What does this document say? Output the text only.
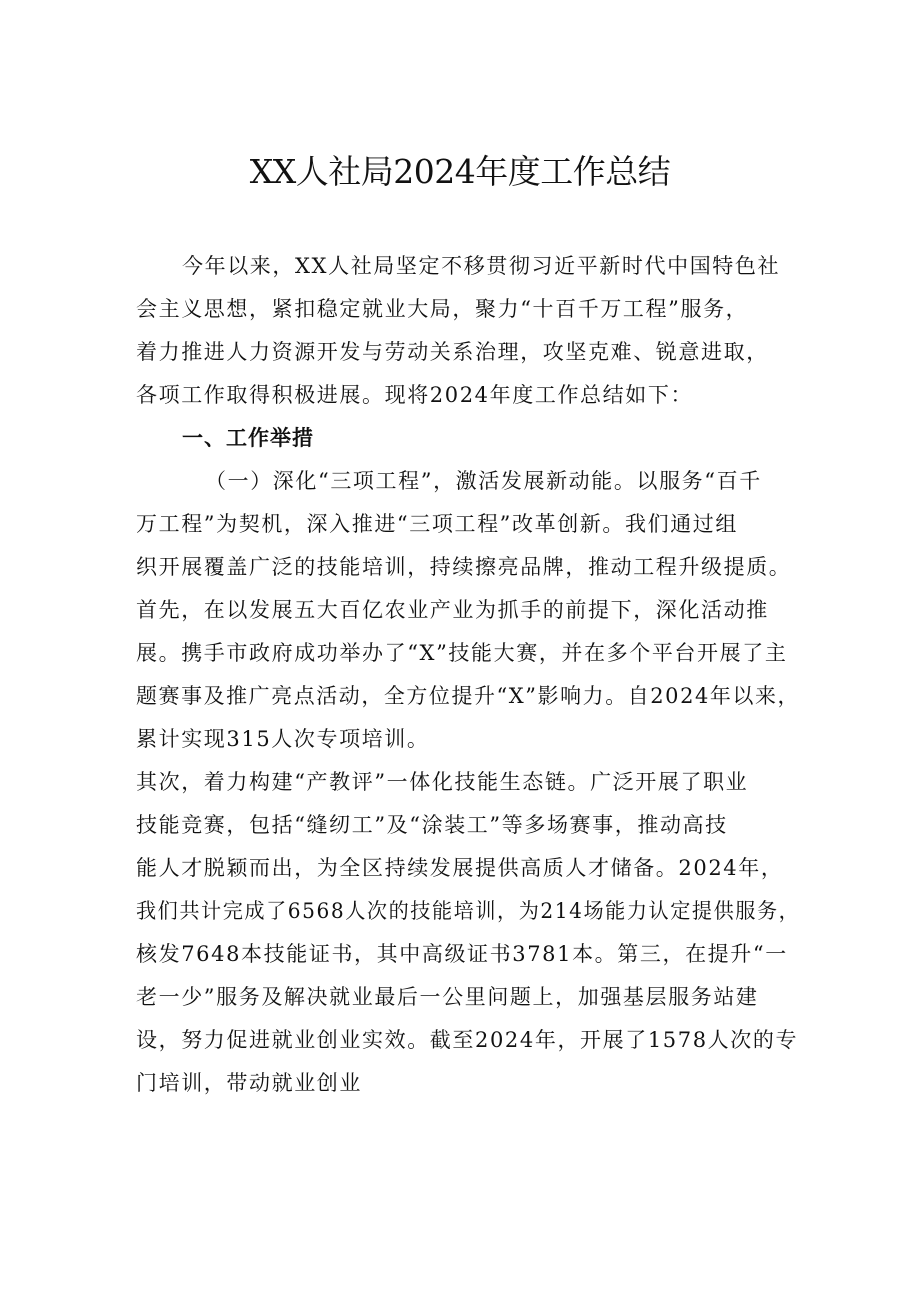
XX人社局2024年度工作总结
今年以来，XX人社局坚定不移贯彻习近平新时代中国特色社
会主义思想，紧扣稳定就业大局，聚力“十百千万工程”服务，
着力推进人力资源开发与劳动关系治理，攻坚克难、锐意进取，
各项工作取得积极进展。现将2024年度工作总结如下：
一、工作举措
（一）深化“三项工程”，激活发展新动能。以服务“百千
万工程”为契机，深入推进“三项工程”改革创新。我们通过组
织开展覆盖广泛的技能培训，持续擦亮品牌，推动工程升级提质。
首先，在以发展五大百亿农业产业为抓手的前提下，深化活动推
展。携手市政府成功举办了“X”技能大赛，并在多个平台开展了主
题赛事及推广亮点活动，全方位提升“X”影响力。自2024年以来，
累计实现315人次专项培训。
其次，着力构建“产教评”一体化技能生态链。广泛开展了职业
技能竞赛，包括“缝纫工”及“涂装工”等多场赛事，推动高技
能人才脱颖而出，为全区持续发展提供高质人才储备。2024年，
我们共计完成了6568人次的技能培训，为214场能力认定提供服务，
核发7648本技能证书，其中高级证书3781本。第三，在提升“一
老一少”服务及解决就业最后一公里问题上，加强基层服务站建
设，努力促进就业创业实效。截至2024年，开展了1578人次的专
门培训，带动就业创业
